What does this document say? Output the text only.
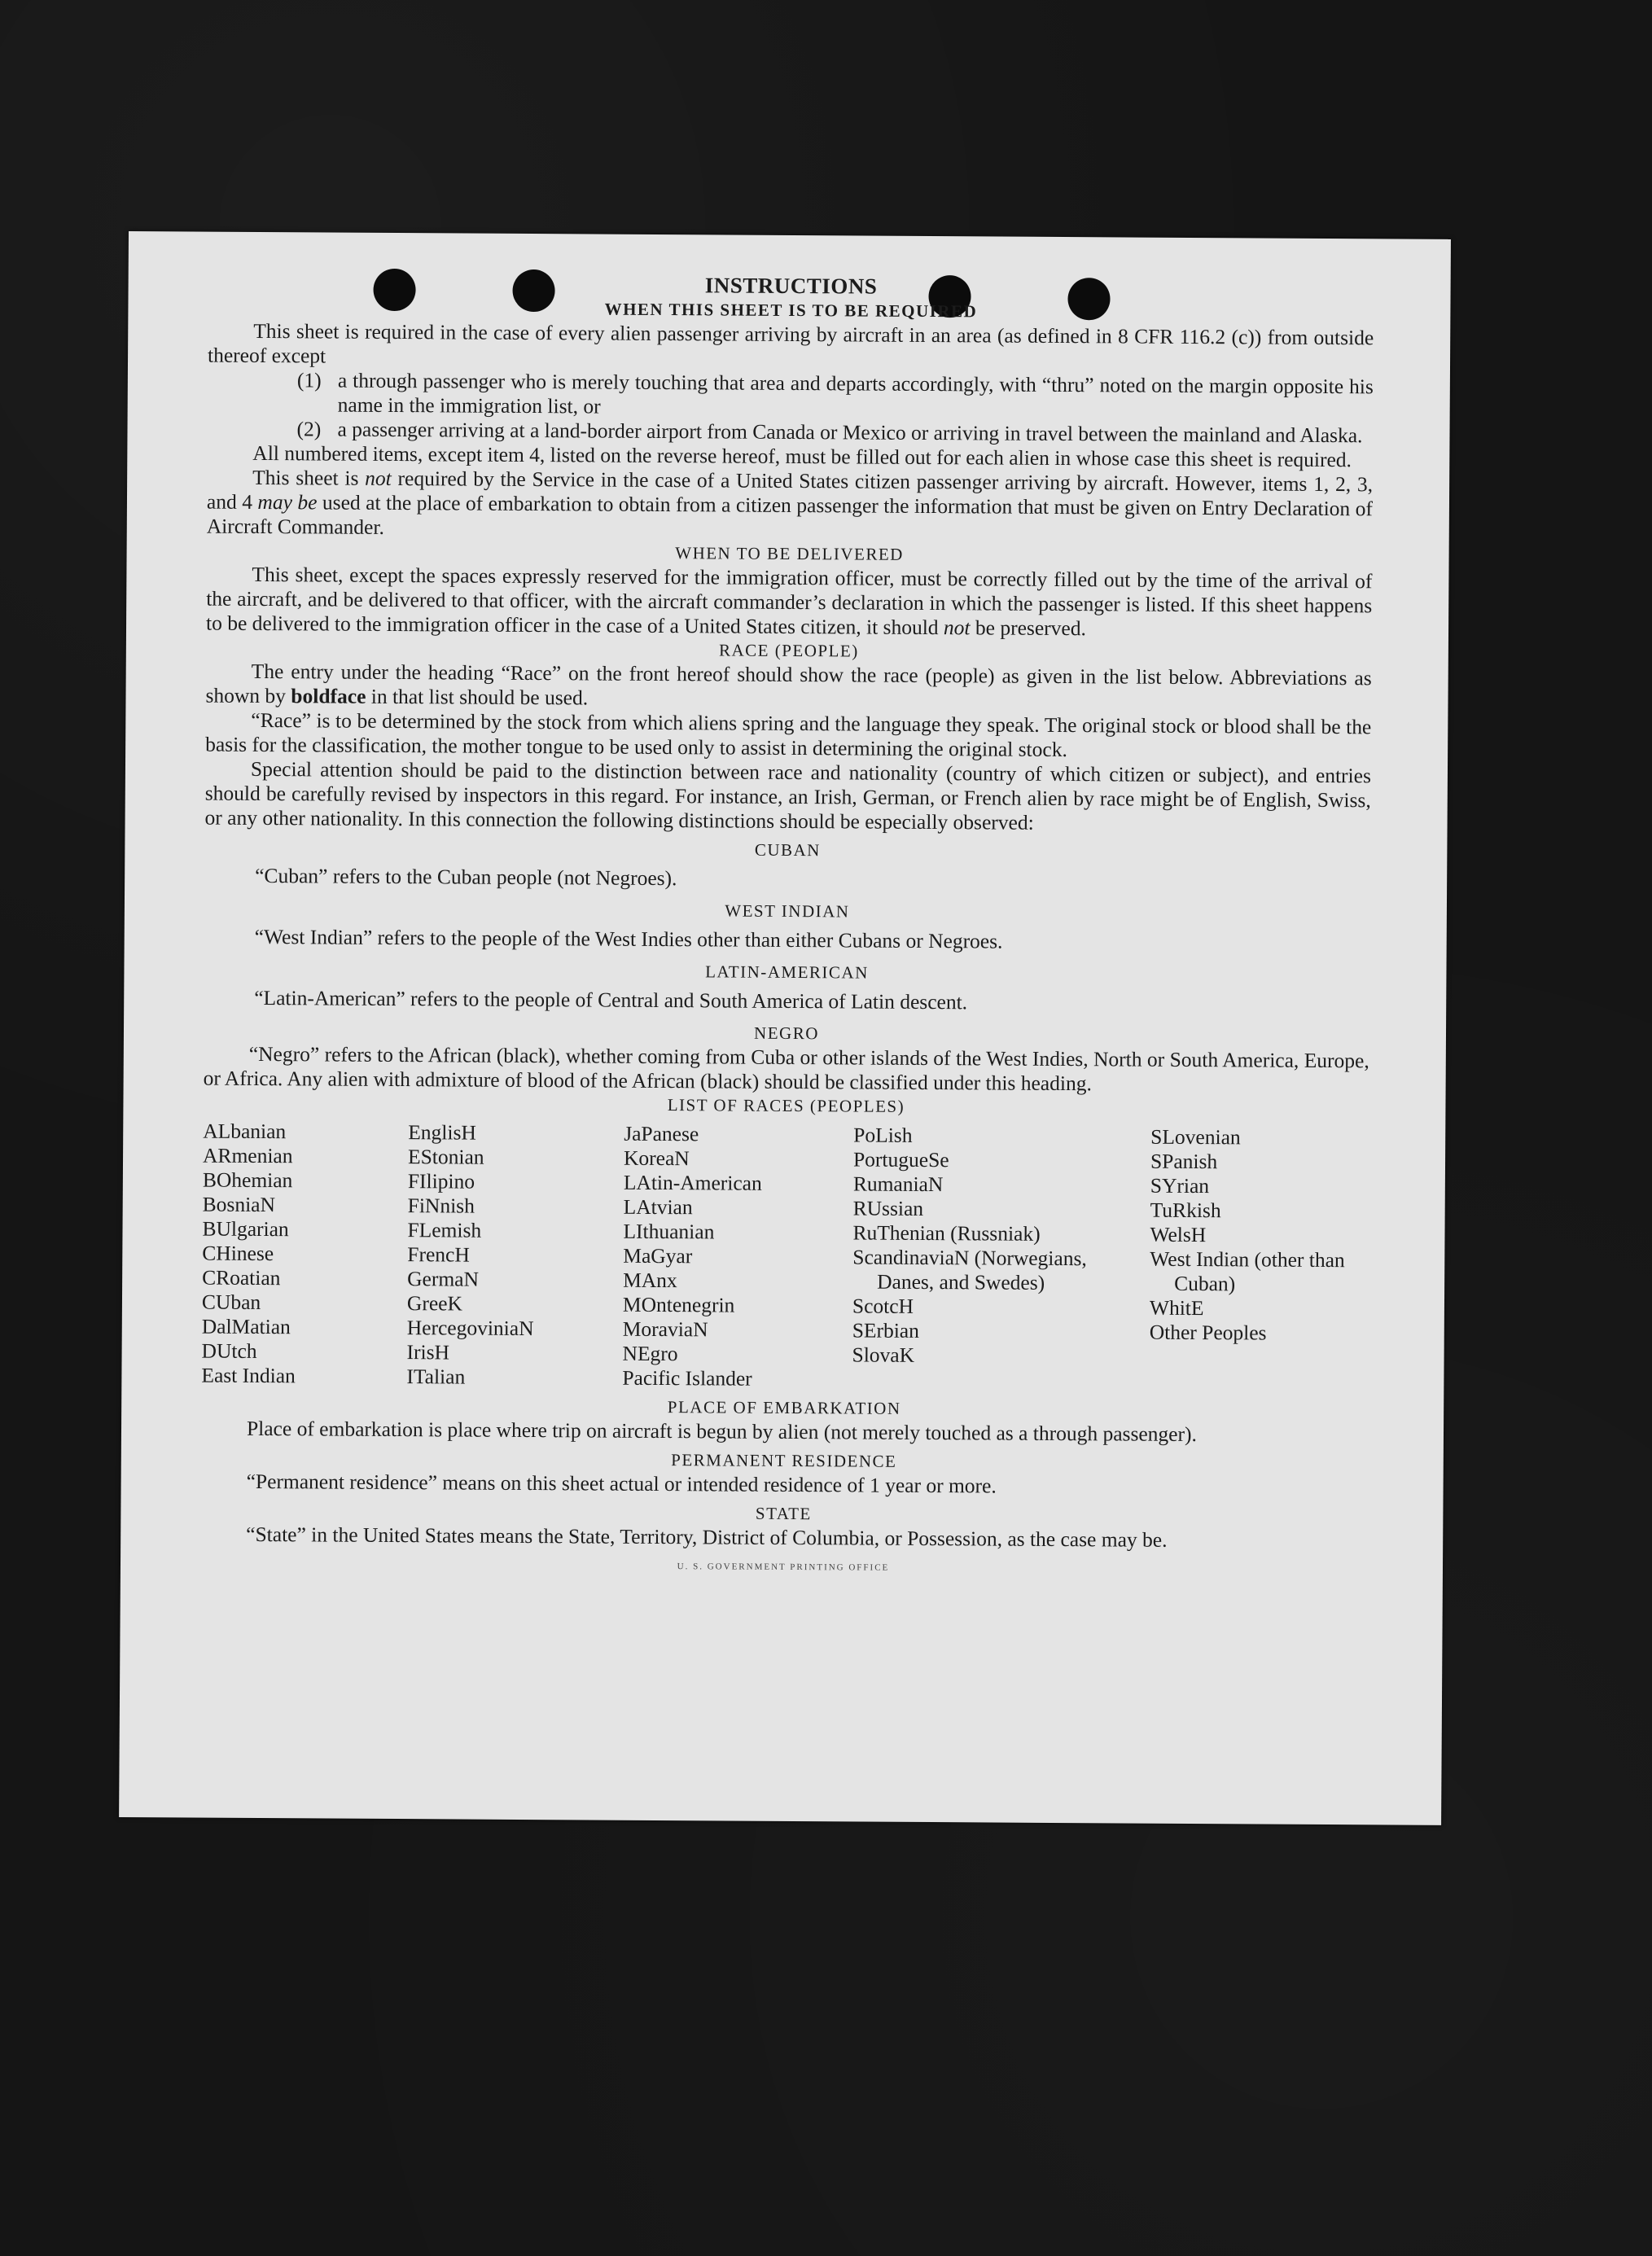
INSTRUCTIONS
WHEN THIS SHEET IS TO BE REQUIRED

This sheet is required in the case of every alien passenger arriving by aircraft in an area (as defined in 8 CFR 116.2 (c)) from outside thereof except

(1) a through passenger who is merely touching that area and departs accordingly, with “thru” noted on the margin opposite his name in the immigration list, or
(2) a passenger arriving at a land-border airport from Canada or Mexico or arriving in travel between the mainland and Alaska.

All numbered items, except item 4, listed on the reverse hereof, must be filled out for each alien in whose case this sheet is required.

This sheet is not required by the Service in the case of a United States citizen passenger arriving by aircraft. However, items 1, 2, 3, and 4 may be used at the place of embarkation to obtain from a citizen passenger the information that must be given on Entry Declaration of Aircraft Commander.

WHEN TO BE DELIVERED

This sheet, except the spaces expressly reserved for the immigration officer, must be correctly filled out by the time of the arrival of the aircraft, and be delivered to that officer, with the aircraft commander’s declaration in which the passenger is listed. If this sheet happens to be delivered to the immigration officer in the case of a United States citizen, it should not be preserved.

RACE (PEOPLE)

The entry under the heading “Race” on the front hereof should show the race (people) as given in the list below. Abbreviations as shown by boldface in that list should be used.

“Race” is to be determined by the stock from which aliens spring and the language they speak. The original stock or blood shall be the basis for the classification, the mother tongue to be used only to assist in determining the original stock.

Special attention should be paid to the distinction between race and nationality (country of which citizen or subject), and entries should be carefully revised by inspectors in this regard. For instance, an Irish, German, or French alien by race might be of English, Swiss, or any other nationality. In this connection the following distinctions should be especially observed:

CUBAN
“Cuban” refers to the Cuban people (not Negroes).
WEST INDIAN
“West Indian” refers to the people of the West Indies other than either Cubans or Negroes.
LATIN-AMERICAN
“Latin-American” refers to the people of Central and South America of Latin descent.
NEGRO

“Negro” refers to the African (black), whether coming from Cuba or other islands of the West Indies, North or South America, Europe, or Africa. Any alien with admixture of blood of the African (black) should be classified under this heading.

LIST OF RACES (PEOPLES)
ALbanian
ARmenian
BOhemian
BosniaN
BUlgarian
CHinese
CRoatian
CUban
DalMatian
DUtch
East Indian
EnglisH
EStonian
FIlipino
FiNnish
FLemish
FrencH
GermaN
GreeK
HercegoviniaN
IrisH
ITalian
JaPanese
KoreaN
LAtin-American
LAtvian
LIthuanian
MaGyar
MAnx
MOntenegrin
MoraviaN
NEgro
Pacific Islander
PoLish
PortugueSe
RumaniaN
RUssian
RuThenian (Russniak)
ScandinaviaN (Norwegians, Danes, and Swedes)
ScotcH
SErbian
SlovaK
SLovenian
SPanish
SYrian
TuRkish
WelsH
West Indian (other than Cuban)
WhitE
Other Peoples
PLACE OF EMBARKATION

Place of embarkation is place where trip on aircraft is begun by alien (not merely touched as a through passenger).

PERMANENT RESIDENCE

“Permanent residence” means on this sheet actual or intended residence of 1 year or more.

STATE

“State” in the United States means the State, Territory, District of Columbia, or Possession, as the case may be.

U. S. GOVERNMENT PRINTING OFFICE
